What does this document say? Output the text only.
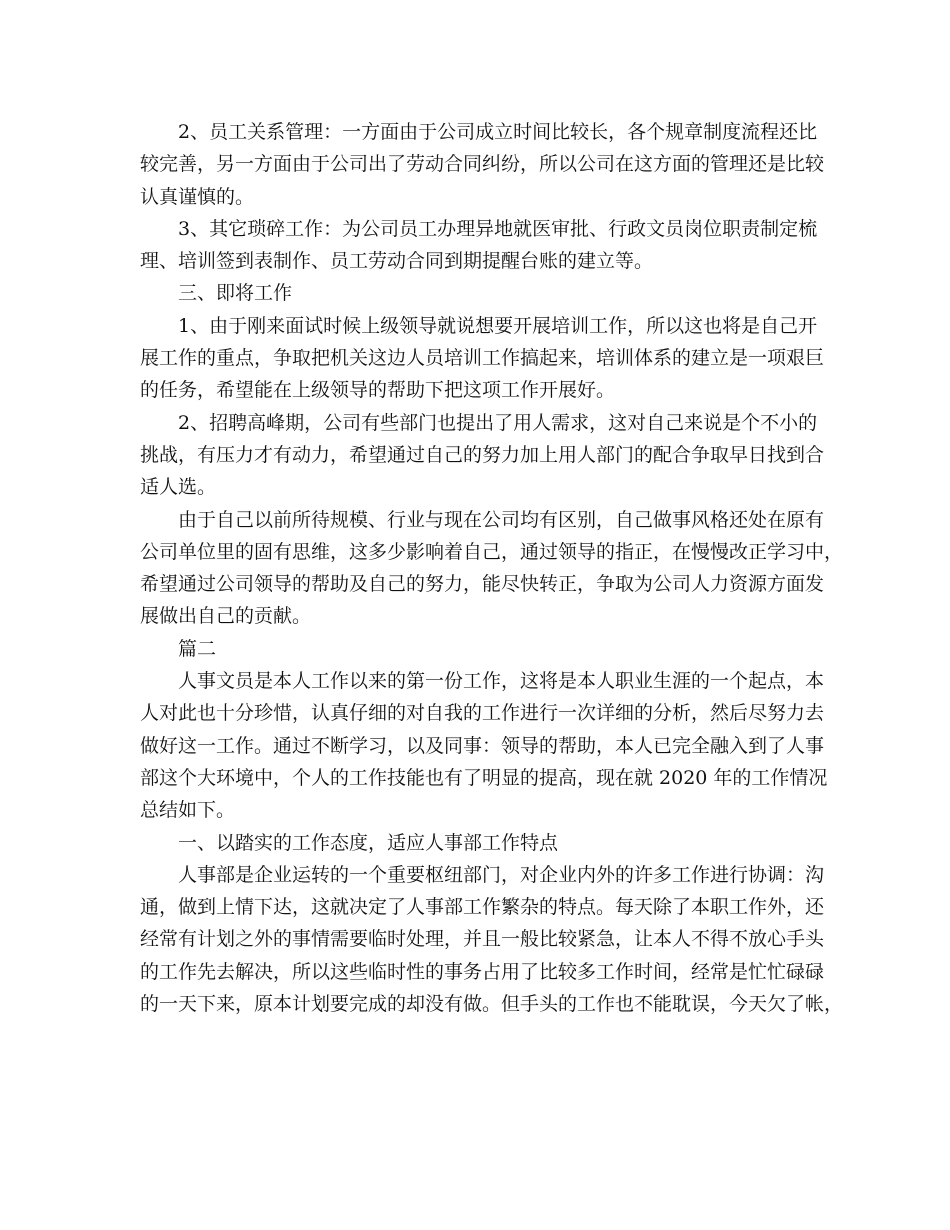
2、员工关系管理：一方面由于公司成立时间比较长，各个规章制度流程还比
较完善，另一方面由于公司出了劳动合同纠纷，所以公司在这方面的管理还是比较
认真谨慎的。
3、其它琐碎工作：为公司员工办理异地就医审批、行政文员岗位职责制定梳
理、培训签到表制作、员工劳动合同到期提醒台账的建立等。
三、即将工作
1、由于刚来面试时候上级领导就说想要开展培训工作，所以这也将是自己开
展工作的重点，争取把机关这边人员培训工作搞起来，培训体系的建立是一项艰巨
的任务，希望能在上级领导的帮助下把这项工作开展好。
2、招聘高峰期，公司有些部门也提出了用人需求，这对自己来说是个不小的
挑战，有压力才有动力，希望通过自己的努力加上用人部门的配合争取早日找到合
适人选。
由于自己以前所待规模、行业与现在公司均有区别，自己做事风格还处在原有
公司单位里的固有思维，这多少影响着自己，通过领导的指正，在慢慢改正学习中，
希望通过公司领导的帮助及自己的努力，能尽快转正，争取为公司人力资源方面发
展做出自己的贡献。
篇二
人事文员是本人工作以来的第一份工作，这将是本人职业生涯的一个起点，本
人对此也十分珍惜，认真仔细的对自我的工作进行一次详细的分析，然后尽努力去
做好这一工作。通过不断学习，以及同事：领导的帮助，本人已完全融入到了人事
部这个大环境中，个人的工作技能也有了明显的提高，现在就 2020 年的工作情况
总结如下。
一、以踏实的工作态度，适应人事部工作特点
人事部是企业运转的一个重要枢纽部门，对企业内外的许多工作进行协调：沟
通，做到上情下达，这就决定了人事部工作繁杂的特点。每天除了本职工作外，还
经常有计划之外的事情需要临时处理，并且一般比较紧急，让本人不得不放心手头
的工作先去解决，所以这些临时性的事务占用了比较多工作时间，经常是忙忙碌碌
的一天下来，原本计划要完成的却没有做。但手头的工作也不能耽误，今天欠了帐，
